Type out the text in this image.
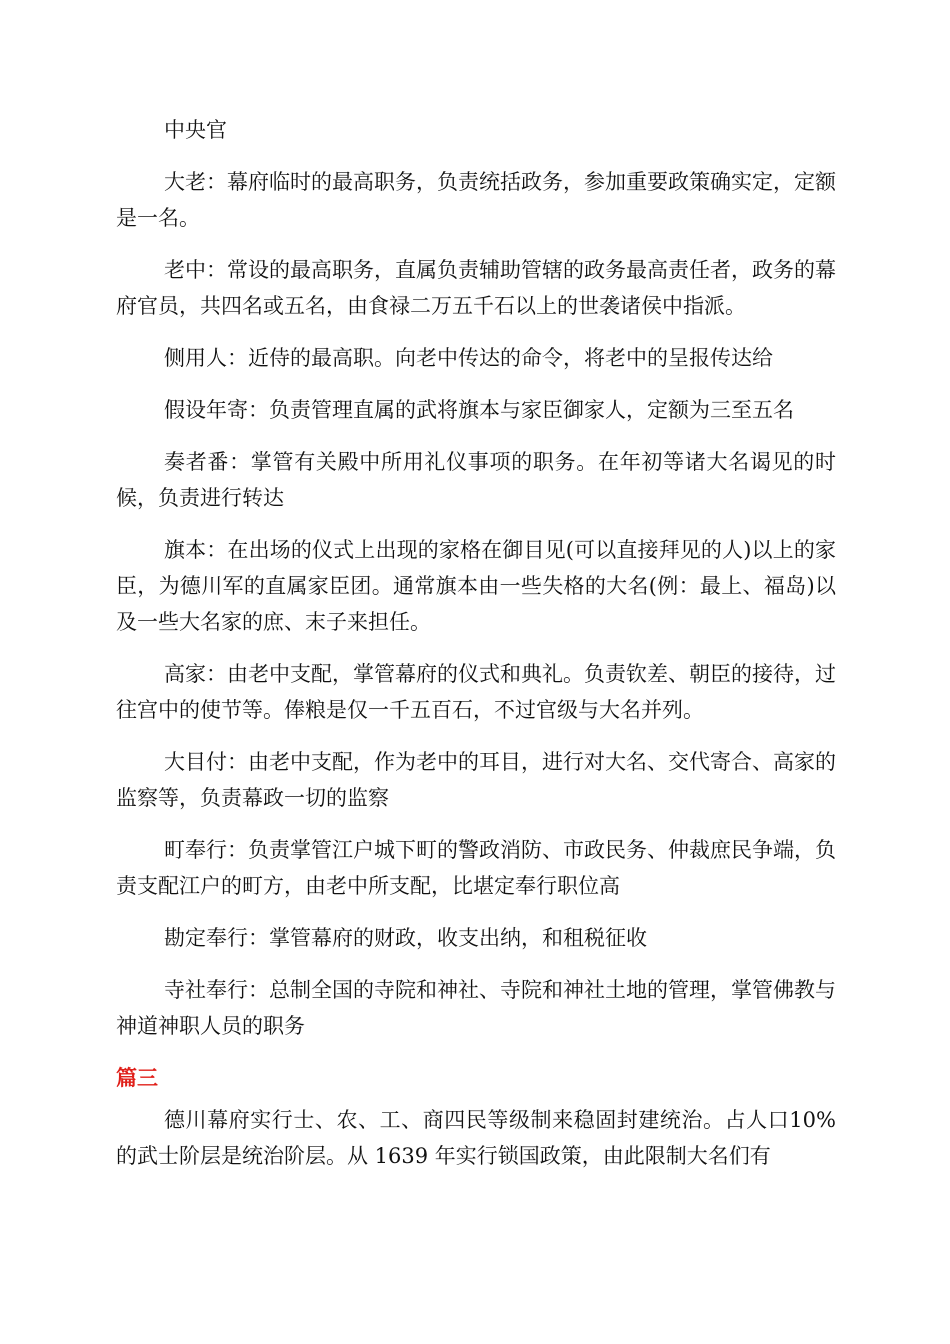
中央官

大老：幕府临时的最高职务，负责统括政务，参加重要政策确实定，定额是一名。

老中：常设的最高职务，直属负责辅助管辖的政务最高责任者，政务的幕府官员，共四名或五名，由食禄二万五千石以上的世袭诸侯中指派。

侧用人：近侍的最高职。向老中传达的命令，将老中的呈报传达给

假设年寄：负责管理直属的武将旗本与家臣御家人，定额为三至五名

奏者番：掌管有关殿中所用礼仪事项的职务。在年初等诸大名谒见的时候，负责进行转达

旗本：在出场的仪式上出现的家格在御目见(可以直接拜见的人)以上的家臣，为德川军的直属家臣团。通常旗本由一些失格的大名(例：最上、福岛)以及一些大名家的庶、末子来担任。

高家：由老中支配，掌管幕府的仪式和典礼。负责钦差、朝臣的接待，过往宫中的使节等。俸粮是仅一千五百石，不过官级与大名并列。

大目付：由老中支配，作为老中的耳目，进行对大名、交代寄合、高家的监察等，负责幕政一切的监察

町奉行：负责掌管江户城下町的警政消防、市政民务、仲裁庶民争端，负责支配江户的町方，由老中所支配，比堪定奉行职位高

勘定奉行：掌管幕府的财政，收支出纳，和租税征收

寺社奉行：总制全国的寺院和神社、寺院和神社土地的管理，掌管佛教与神道神职人员的职务

篇三

德川幕府实行士、农、工、商四民等级制来稳固封建统治。占人口10%的武士阶层是统治阶层。从 1639 年实行锁国政策，由此限制大名们有
